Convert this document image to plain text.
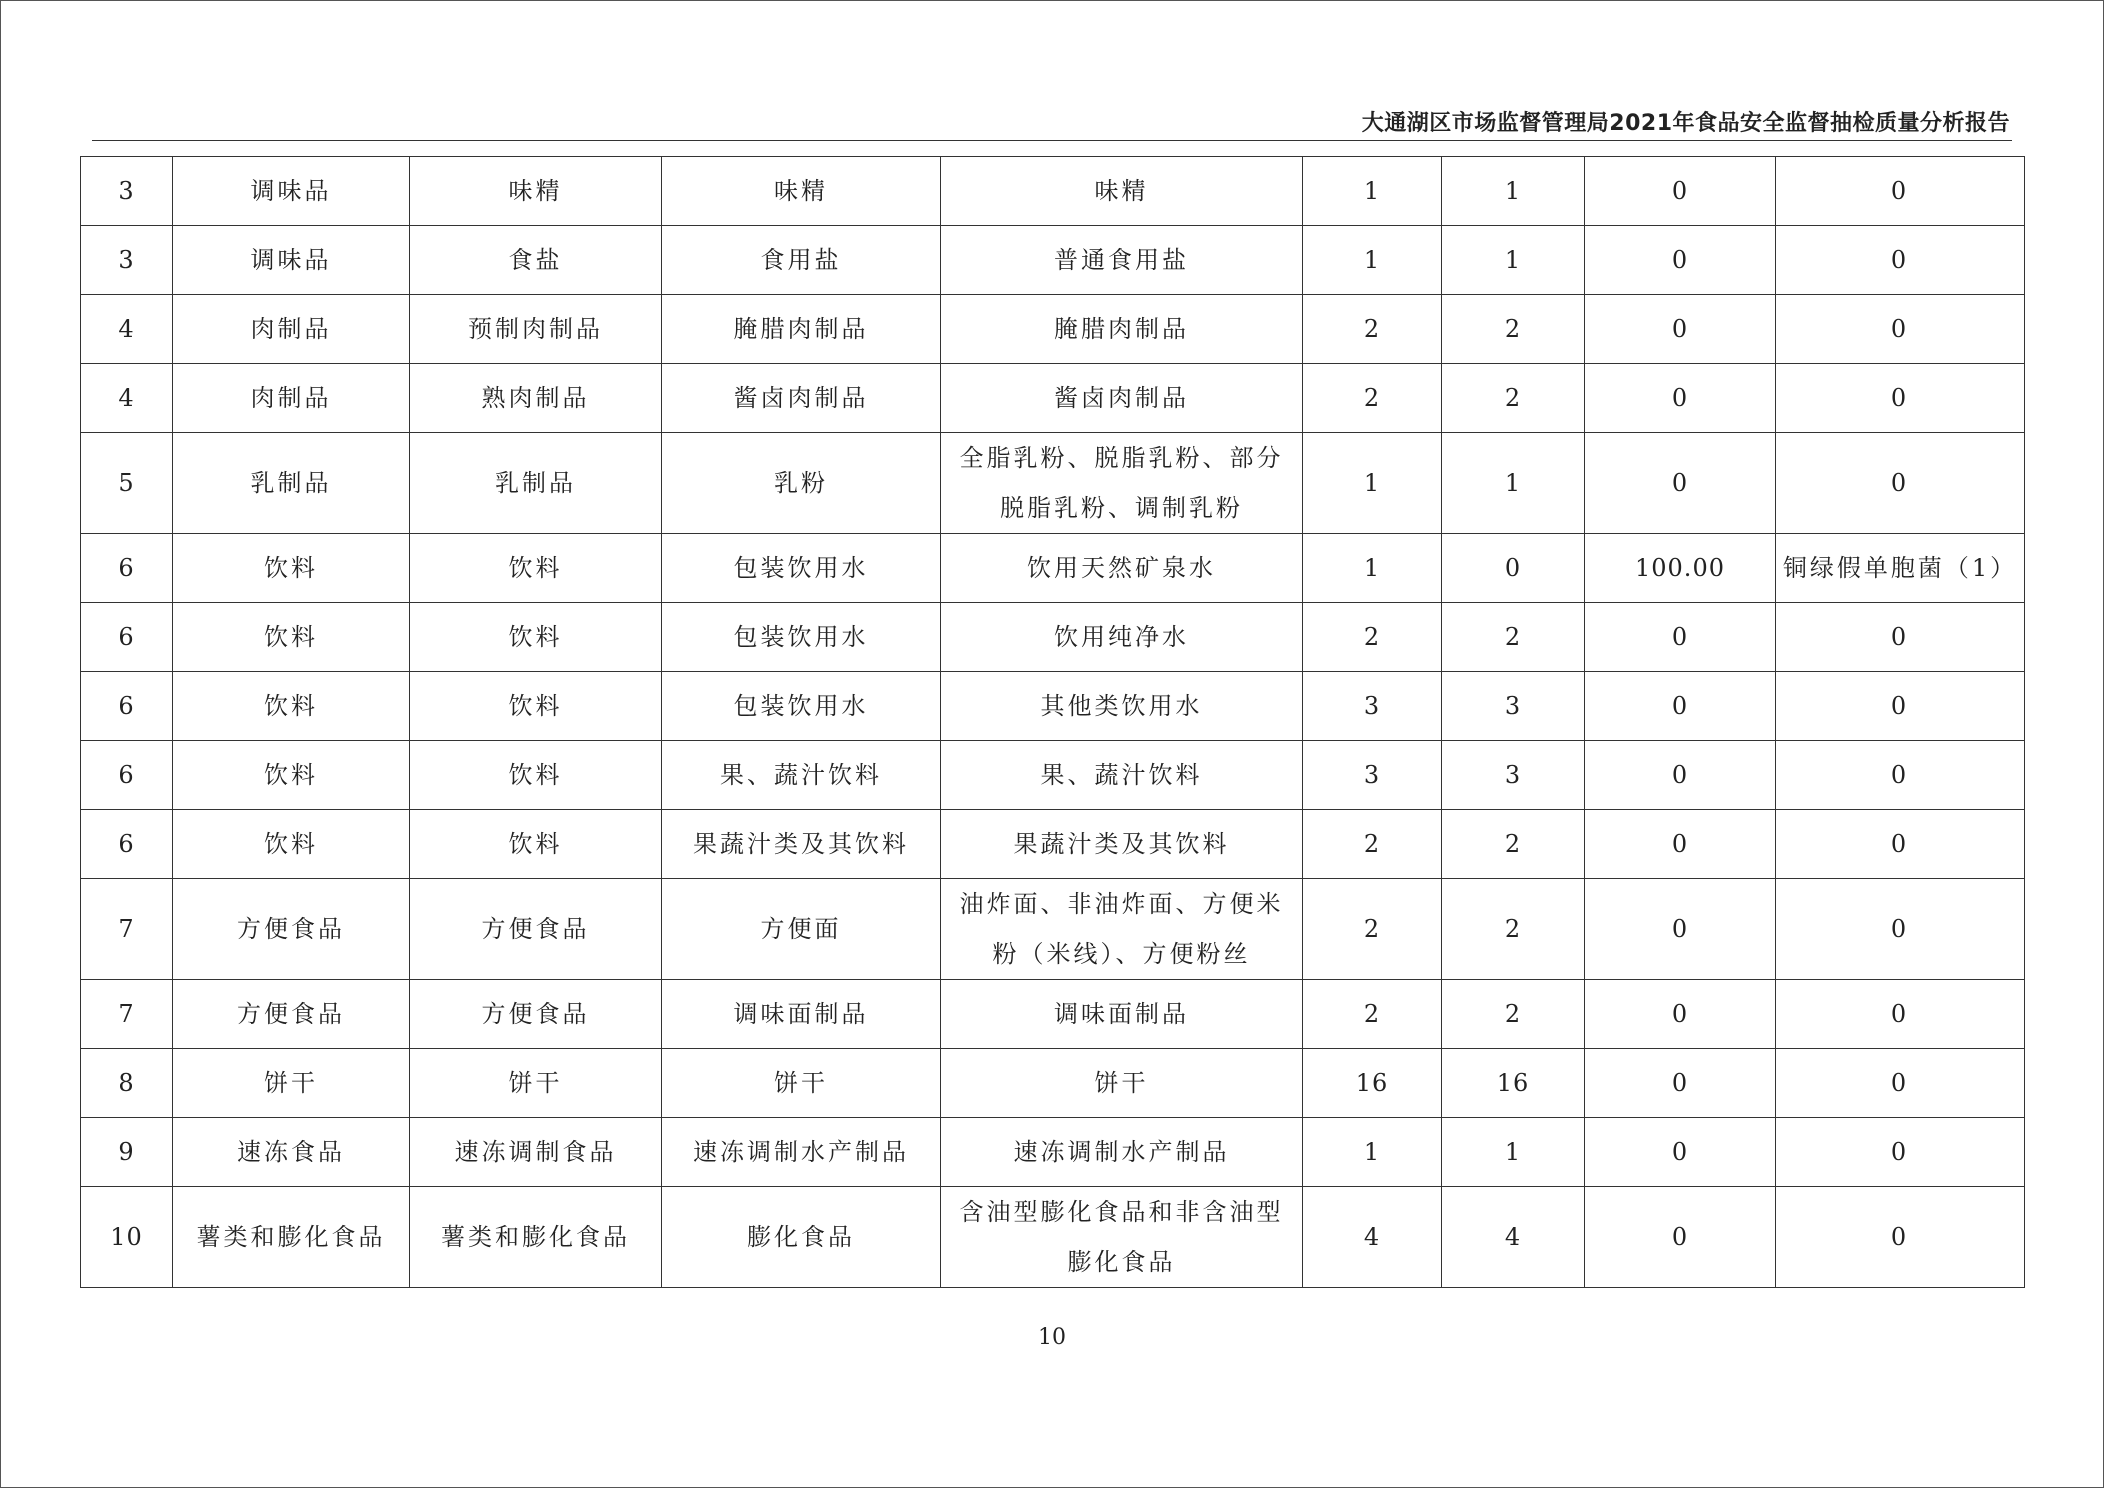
大通湖区市场监督管理局2021年食品安全监督抽检质量分析报告
3	调味品	味精	味精	味精	1	1	0	0
3	调味品	食盐	食用盐	普通食用盐	1	1	0	0
4	肉制品	预制肉制品	腌腊肉制品	腌腊肉制品	2	2	0	0
4	肉制品	熟肉制品	酱卤肉制品	酱卤肉制品	2	2	0	0
5	乳制品	乳制品	乳粉	全脂乳粉、脱脂乳粉、部分脱脂乳粉、调制乳粉	1	1	0	0
6	饮料	饮料	包装饮用水	饮用天然矿泉水	1	0	100.00	铜绿假单胞菌（1）
6	饮料	饮料	包装饮用水	饮用纯净水	2	2	0	0
6	饮料	饮料	包装饮用水	其他类饮用水	3	3	0	0
6	饮料	饮料	果、蔬汁饮料	果、蔬汁饮料	3	3	0	0
6	饮料	饮料	果蔬汁类及其饮料	果蔬汁类及其饮料	2	2	0	0
7	方便食品	方便食品	方便面	油炸面、非油炸面、方便米粉（米线）、方便粉丝	2	2	0	0
7	方便食品	方便食品	调味面制品	调味面制品	2	2	0	0
8	饼干	饼干	饼干	饼干	16	16	0	0
9	速冻食品	速冻调制食品	速冻调制水产制品	速冻调制水产制品	1	1	0	0
10	薯类和膨化食品	薯类和膨化食品	膨化食品	含油型膨化食品和非含油型膨化食品	4	4	0	0
10
